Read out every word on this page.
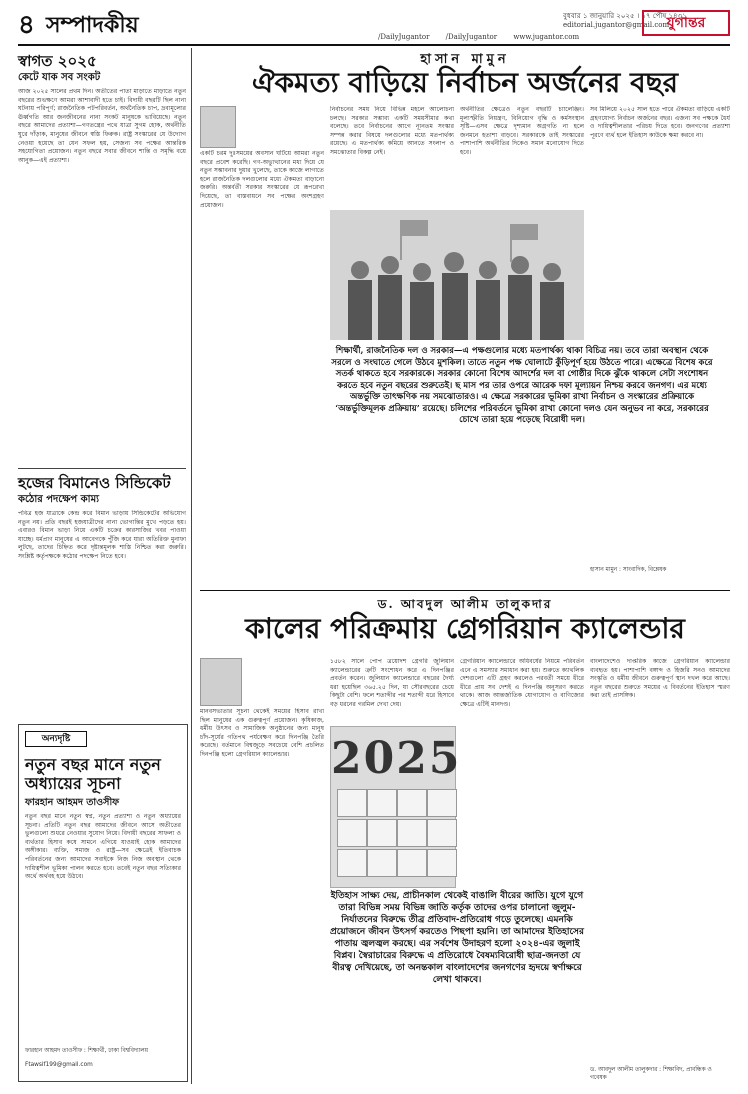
৪ সম্পাদকীয়	বুধবার ১ জানুয়ারি ২০২৫ । ১৭ পৌষ ১৪৩১
editorial.jugantor@gmail.com
যুগান্তর
/DailyJugantor /DailyJugantor www.jugantor.com
স্বাগত ২০২৫
কেটে যাক সব সংকট
আজ ২০২৫ সালের প্রথম দিন। অতীতের পাতা মাড়াতে মাড়াতে নতুন বছরের শুভক্ষণে আমরা আশাবাদী হতে চাই। বিদায়ী বছরটি ছিল নানা ঘটনায় পরিপূর্ণ; রাজনৈতিক পটপরিবর্তন, অর্থনৈতিক চাপ, দ্রব্যমূল্যের ঊর্ধ্বগতি আর জনজীবনের নানা সংকট মানুষকে ভাবিয়েছে। নতুন বছরে আমাদের প্রত্যাশা—গণতন্ত্রের পথে যাত্রা সুগম হোক, অর্থনীতি ঘুরে দাঁড়াক, মানুষের জীবনে স্বস্তি ফিরুক। রাষ্ট্র সংস্কারের যে উদ্যোগ নেওয়া হয়েছে তা যেন সফল হয়, সেজন্য সব পক্ষের আন্তরিক সহযোগিতা প্রয়োজন। নতুন বছরে সবার জীবনে শান্তি ও সমৃদ্ধি বয়ে আনুক—এই প্রত্যাশা।
হজের বিমানেও সিন্ডিকেট
কঠোর পদক্ষেপ কাম্য
পবিত্র হজ যাত্রাকে কেন্দ্র করে বিমান ভাড়ায় সিন্ডিকেটের অভিযোগ নতুন নয়। প্রতি বছরই হজযাত্রীদের নানা ভোগান্তির মুখে পড়তে হয়। এবারও বিমান ভাড়া নিয়ে একটি চক্রের কারসাজির খবর পাওয়া যাচ্ছে। ধর্মপ্রাণ মানুষের এ আবেগকে পুঁজি করে যারা অতিরিক্ত মুনাফা লুটছে, তাদের চিহ্নিত করে দৃষ্টান্তমূলক শাস্তি নিশ্চিত করা জরুরি। সংশ্লিষ্ট কর্তৃপক্ষকে কঠোর পদক্ষেপ নিতে হবে।
অন্যদৃষ্টি
নতুন বছর মানে নতুন অধ্যায়ের সূচনা
ফারহান আহমদ তাওসীফ
নতুন বছর মানে নতুন স্বপ্ন, নতুন প্রত্যাশা ও নতুন অধ্যায়ের সূচনা। প্রতিটি নতুন বছর আমাদের জীবনে আসে অতীতের ভুলগুলো শুধরে নেওয়ার সুযোগ নিয়ে। বিদায়ী বছরের সাফল্য ও ব্যর্থতার হিসাব কষে সামনে এগিয়ে যাওয়াই হোক আমাদের অঙ্গীকার। ব্যক্তি, সমাজ ও রাষ্ট্র—সব ক্ষেত্রেই ইতিবাচক পরিবর্তনের জন্য আমাদের সবাইকে নিজ নিজ অবস্থান থেকে দায়িত্বশীল ভূমিকা পালন করতে হবে। তবেই নতুন বছর সত্যিকার অর্থে অর্থবহ হয়ে উঠবে।
ফারহান আহমদ তাওসীফ : শিক্ষার্থী, ঢাকা বিশ্ববিদ্যালয়
Ftawsif199@gmail.com
হাসান মামুন
ঐকমত্য বাড়িয়ে নির্বাচন অর্জনের বছর
একটি চরম দুঃসময়ের অবসান ঘটিয়ে আমরা নতুন বছরে প্রবেশ করেছি। গণ-অভ্যুত্থানের মধ্য দিয়ে যে নতুন সম্ভাবনার দুয়ার খুলেছে, তাকে কাজে লাগাতে হলে রাজনৈতিক দলগুলোর মধ্যে ঐকমত্য বাড়ানো জরুরি। অন্তর্বর্তী সরকার সংস্কারের যে রূপরেখা দিয়েছে, তা বাস্তবায়নে সব পক্ষের অংশগ্রহণ প্রয়োজন।
নির্বাচনের সময় নিয়ে বিভিন্ন মহলে আলোচনা চলছে। সরকার সম্ভাব্য একটি সময়সীমার কথা বলেছে। তবে নির্বাচনের আগে ন্যূনতম সংস্কার সম্পন্ন করার বিষয়ে দলগুলোর মধ্যে মতপার্থক্য রয়েছে। এ মতপার্থক্য কমিয়ে আনতে সংলাপ ও সমঝোতার বিকল্প নেই।
অর্থনীতির ক্ষেত্রেও নতুন বছরটি চ্যালেঞ্জিং। মূল্যস্ফীতি নিয়ন্ত্রণ, বিনিয়োগ বৃদ্ধি ও কর্মসংস্থান সৃষ্টি—এসব ক্ষেত্রে দৃশ্যমান অগ্রগতি না হলে জনমনে হতাশা বাড়বে। সরকারকে তাই সংস্কারের পাশাপাশি অর্থনীতির দিকেও সমান মনোযোগ দিতে হবে।
শিক্ষার্থী, রাজনৈতিক দল ও সরকার—এ পক্ষগুলোর মধ্যে মতপার্থক্য থাকা বিচিত্র নয়। তবে তারা অবস্থান থেকে সরলে ও সংঘাতে গেলে উঠবে মুশকিল। তাতে নতুন পক্ষ ঘোলাটে কুঁড়িপূর্ণ হয়ে উঠতে পারে। এক্ষেত্রে বিশেষ করে সতর্ক থাকতে হবে সরকারকে। সরকার কোনো বিশেষ আদর্শের দল বা গোষ্ঠীর দিকে ঝুঁকে থাকলে সেটা সংশোধন করতে হবে নতুন বছরের শুরুতেই। ছ মাস পর তার ওপরে আরেক দফা মূল্যায়ন নিশ্চয় করবে জনগণ। এর মধ্যে অন্তর্ভুক্তি তাৎক্ষণিক নয় সমঝোতারও। এ ক্ষেত্রে সরকারের ভূমিকা রাখা নির্বাচন ও সংস্কারের প্রক্রিয়াকে ‘অন্তর্ভুক্তিমূলক প্রক্রিয়ায়’ রয়েছে। চলিশের পরিবর্তনে ভূমিকা রাখা কোনো দলও যেন অনুভব না করে, সরকারের চোখে তারা হয়ে পড়েছে বিরোধী দল।
সব মিলিয়ে ২০২৫ সাল হতে পারে ঐকমত্য বাড়িয়ে একটি গ্রহণযোগ্য নির্বাচন অর্জনের বছর। এজন্য সব পক্ষকে ধৈর্য ও দায়িত্বশীলতার পরিচয় দিতে হবে। জনগণের প্রত্যাশা পূরণে ব্যর্থ হলে ইতিহাস কাউকে ক্ষমা করবে না।
হাসান মামুন : সাংবাদিক, বিশ্লেষক
ড. আবদুল আলীম তালুকদার
কালের পরিক্রমায় গ্রেগরিয়ান ক্যালেন্ডার
মানবসভ্যতার সূচনা থেকেই সময়ের হিসাব রাখা ছিল মানুষের এক গুরুত্বপূর্ণ প্রয়োজন। কৃষিকাজ, ধর্মীয় উৎসব ও সামাজিক অনুষ্ঠানের জন্য মানুষ চাঁদ-সূর্যের গতিপথ পর্যবেক্ষণ করে দিনপঞ্জি তৈরি করেছে। বর্তমানে বিশ্বজুড়ে সবচেয়ে বেশি প্রচলিত দিনপঞ্জি হলো গ্রেগরিয়ান ক্যালেন্ডার।
১৫৮২ সালে পোপ ত্রয়োদশ গ্রেগরি জুলিয়ান ক্যালেন্ডারের ত্রুটি সংশোধন করে এ দিনপঞ্জির প্রবর্তন করেন। জুলিয়ান ক্যালেন্ডারে বছরের দৈর্ঘ্য ধরা হয়েছিল ৩৬৫.২৫ দিন, যা সৌরবছরের চেয়ে কিছুটা বেশি। ফলে শতাব্দীর পর শতাব্দী ধরে হিসাবে বড় ধরনের গরমিল দেখা দেয়।
গ্রেগরিয়ান ক্যালেন্ডারে অধিবর্ষের নিয়মে পরিবর্তন এনে এ সমস্যার সমাধান করা হয়। শুরুতে ক্যাথলিক দেশগুলো এটি গ্রহণ করলেও পরবর্তী সময়ে ধীরে ধীরে প্রায় সব দেশই এ দিনপঞ্জি অনুসরণ করতে থাকে। আজ আন্তর্জাতিক যোগাযোগ ও বাণিজ্যের ক্ষেত্রে এটিই মানদণ্ড।
2025
ইতিহাস সাক্ষ্য দেয়, প্রাচীনকাল থেকেই বাঙালি বীরের জাতি। যুগে যুগে তারা বিভিন্ন সময় বিভিন্ন জাতি কর্তৃক তাদের ওপর চালানো জুলুম-নির্যাতনের বিরুদ্ধে তীব্র প্রতিবাদ-প্রতিরোধ গড়ে তুলেছে। এমনকি প্রয়োজনে জীবন উৎসর্গ করতেও পিছপা হয়নি। তা আমাদের ইতিহাসের পাতায় জ্বলজ্বল করছে। এর সর্বশেষ উদাহরণ হলো ২০২৪-এর জুলাই বিপ্লব। স্বৈরাচারের বিরুদ্ধে এ প্রতিরোধে বৈষম্যবিরোধী ছাত্র-জনতা যে বীরত্ব দেখিয়েছে, তা অনন্তকাল বাংলাদেশের জনগণের হৃদয়ে স্বর্ণাক্ষরে লেখা থাকবে।
বাংলাদেশেও দাপ্তরিক কাজে গ্রেগরিয়ান ক্যালেন্ডার ব্যবহৃত হয়। পাশাপাশি বঙ্গাব্দ ও হিজরি সনও আমাদের সংস্কৃতি ও ধর্মীয় জীবনে গুরুত্বপূর্ণ স্থান দখল করে আছে। নতুন বছরের শুরুতে সময়ের এ বিবর্তনের ইতিহাস স্মরণ করা তাই প্রাসঙ্গিক।
ড. আবদুল আলীম তালুকদার : শিক্ষাবিদ, প্রাবন্ধিক ও গবেষক
